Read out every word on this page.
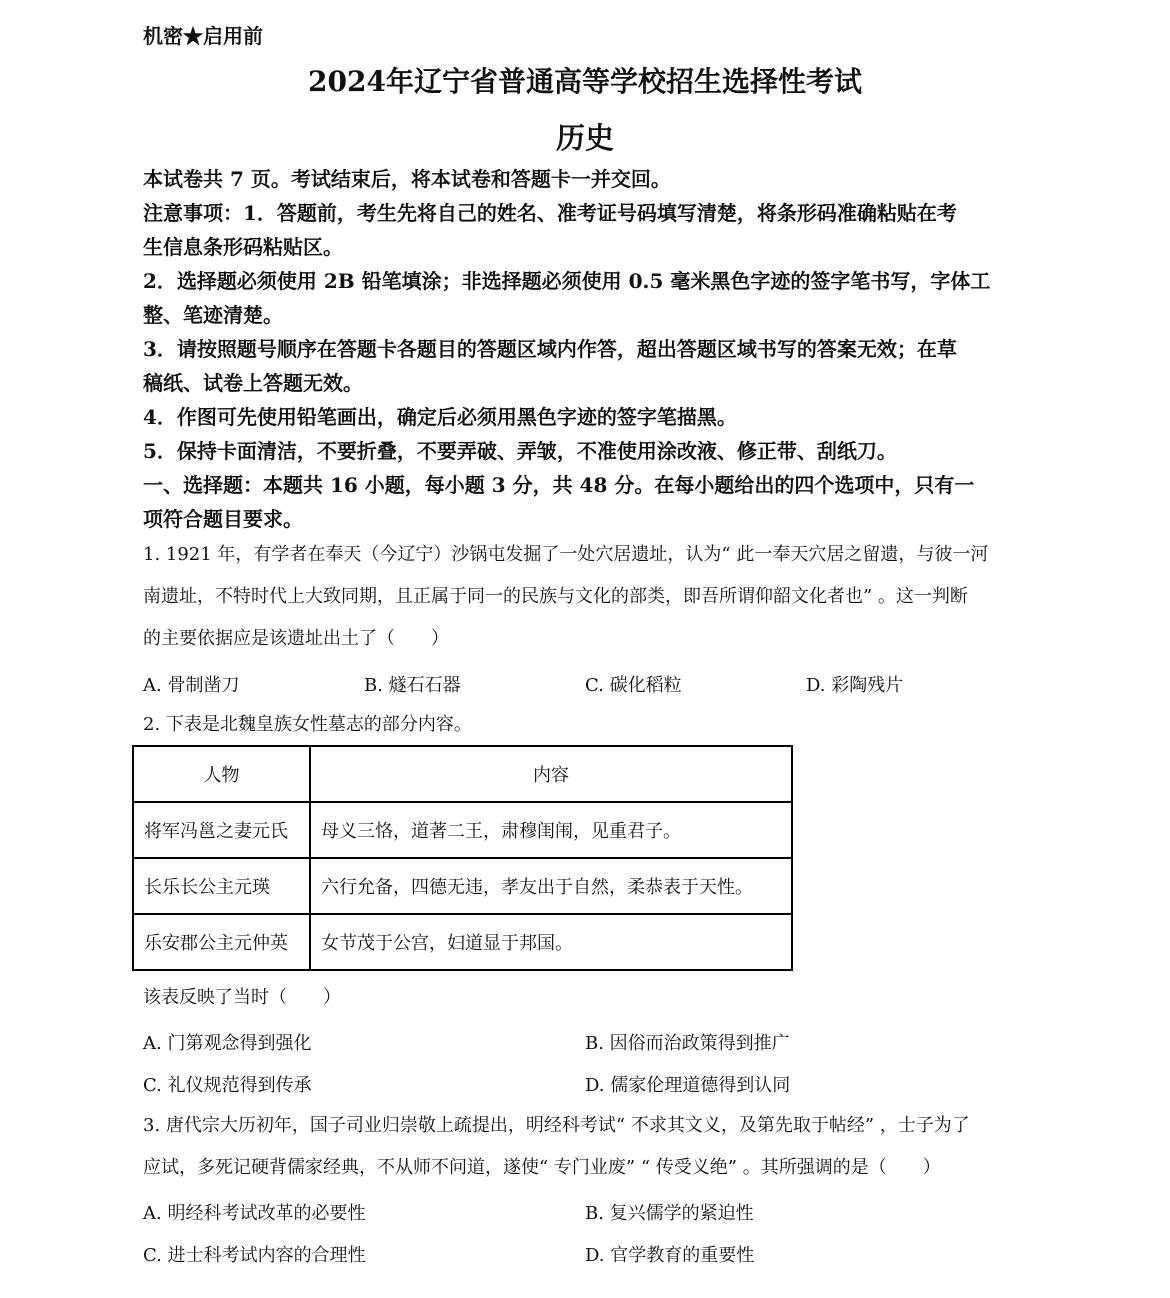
机密★启用前
2024年辽宁省普通高等学校招生选择性考试
历史
本试卷共 7 页。考试结束后，将本试卷和答题卡一并交回。
注意事项：1．答题前，考生先将自己的姓名、准考证号码填写清楚，将条形码准确粘贴在考
生信息条形码粘贴区。
2．选择题必须使用 2B 铅笔填涂；非选择题必须使用 0.5 毫米黑色字迹的签字笔书写，字体工
整、笔迹清楚。
3．请按照题号顺序在答题卡各题目的答题区域内作答，超出答题区域书写的答案无效；在草
稿纸、试卷上答题无效。
4．作图可先使用铅笔画出，确定后必须用黑色字迹的签字笔描黑。
5．保持卡面清洁，不要折叠，不要弄破、弄皱，不准使用涂改液、修正带、刮纸刀。
一、选择题：本题共 16 小题，每小题 3 分，共 48 分。在每小题给出的四个选项中，只有一
项符合题目要求。
1. 1921 年，有学者在奉天（今辽宁）沙锅屯发掘了一处穴居遗址，认为“ 此一奉天穴居之留遗，与彼一河
南遗址，不特时代上大致同期，且正属于同一的民族与文化的部类，即吾所谓仰韶文化者也” 。这一判断
的主要依据应是该遗址出土了（　　）
A. 骨制凿刀	B. 燧石石器	C. 碳化稻粒	D. 彩陶残片
2. 下表是北魏皇族女性墓志的部分内容。
人物	内容
将军冯邕之妻元氏	母义三恪，道著二王，肃穆闺闱，见重君子。
长乐长公主元瑛	六行允备，四德无违，孝友出于自然，柔恭表于天性。
乐安郡公主元仲英	女节茂于公宫，妇道显于邦国。
该表反映了当时（　　）
A. 门第观念得到强化	B. 因俗而治政策得到推广
C. 礼仪规范得到传承	D. 儒家伦理道德得到认同
3. 唐代宗大历初年，国子司业归崇敬上疏提出，明经科考试“ 不求其文义，及第先取于帖经” ，士子为了
应试，多死记硬背儒家经典，不从师不问道，遂使“ 专门业废” “ 传受义绝” 。其所强调的是（　　）
A. 明经科考试改革的必要性	B. 复兴儒学的紧迫性
C. 进士科考试内容的合理性	D. 官学教育的重要性
